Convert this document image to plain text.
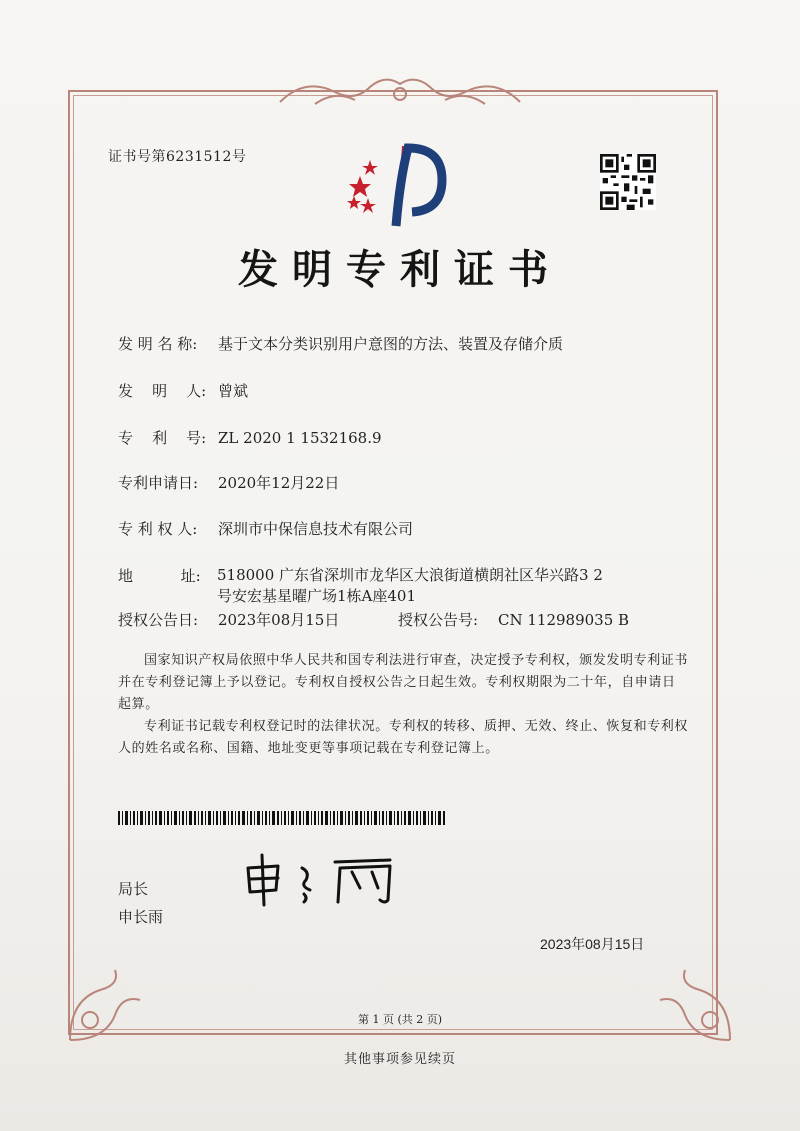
证书号第6231512号
发明专利证书
发 明 名 称: 基于文本分类识别用户意图的方法、装置及存储介质
发    明    人: 曾斌
专    利    号: ZL 2020 1 1532168.9
专利申请日: 2020年12月22日
专 利 权 人: 深圳市中保信息技术有限公司
地          址:	518000 广东省深圳市龙华区大浪街道横朗社区华兴路3 2号安宏基星曜广场1栋A座401
授权公告日: 2023年08月15日	授权公告号: CN 112989035 B
国家知识产权局依照中华人民共和国专利法进行审查，决定授予专利权，颁发发明专利证书并在专利登记簿上予以登记。专利权自授权公告之日起生效。专利权期限为二十年，自申请日起算。
专利证书记载专利权登记时的法律状况。专利权的转移、质押、无效、终止、恢复和专利权人的姓名或名称、国籍、地址变更等事项记载在专利登记簿上。
局长
申长雨
2023年08月15日
第 1 页 (共 2 页)
其他事项参见续页
